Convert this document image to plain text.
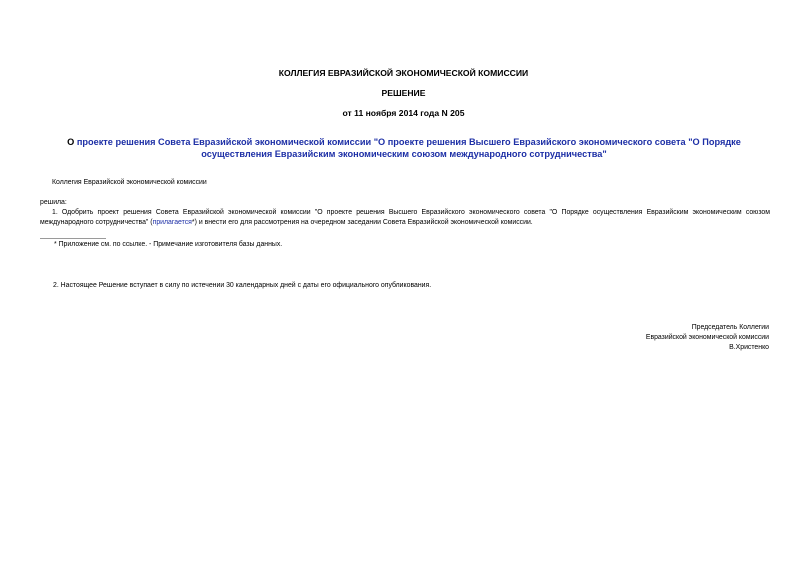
КОЛЛЕГИЯ ЕВРАЗИЙСКОЙ ЭКОНОМИЧЕСКОЙ КОМИССИИ
РЕШЕНИЕ
от 11 ноября 2014 года N 205
О проекте решения Совета Евразийской экономической комиссии "О проекте решения Высшего Евразийского экономического совета "О Порядке осуществления Евразийским экономическим союзом международного сотрудничества"
Коллегия Евразийской экономической комиссии
решила:
1. Одобрить проект решения Совета Евразийской экономической комиссии "О проекте решения Высшего Евразийского экономического совета "О Порядке осуществления Евразийским экономическим союзом международного сотрудничества" (прилагается*) и внести его для рассмотрения на очередном заседании Совета Евразийской экономической комиссии.
* Приложение см. по ссылке. - Примечание изготовителя базы данных.
2. Настоящее Решение вступает в силу по истечении 30 календарных дней с даты его официального опубликования.
Председатель Коллегии
Евразийской экономической комиссии
В.Христенко
